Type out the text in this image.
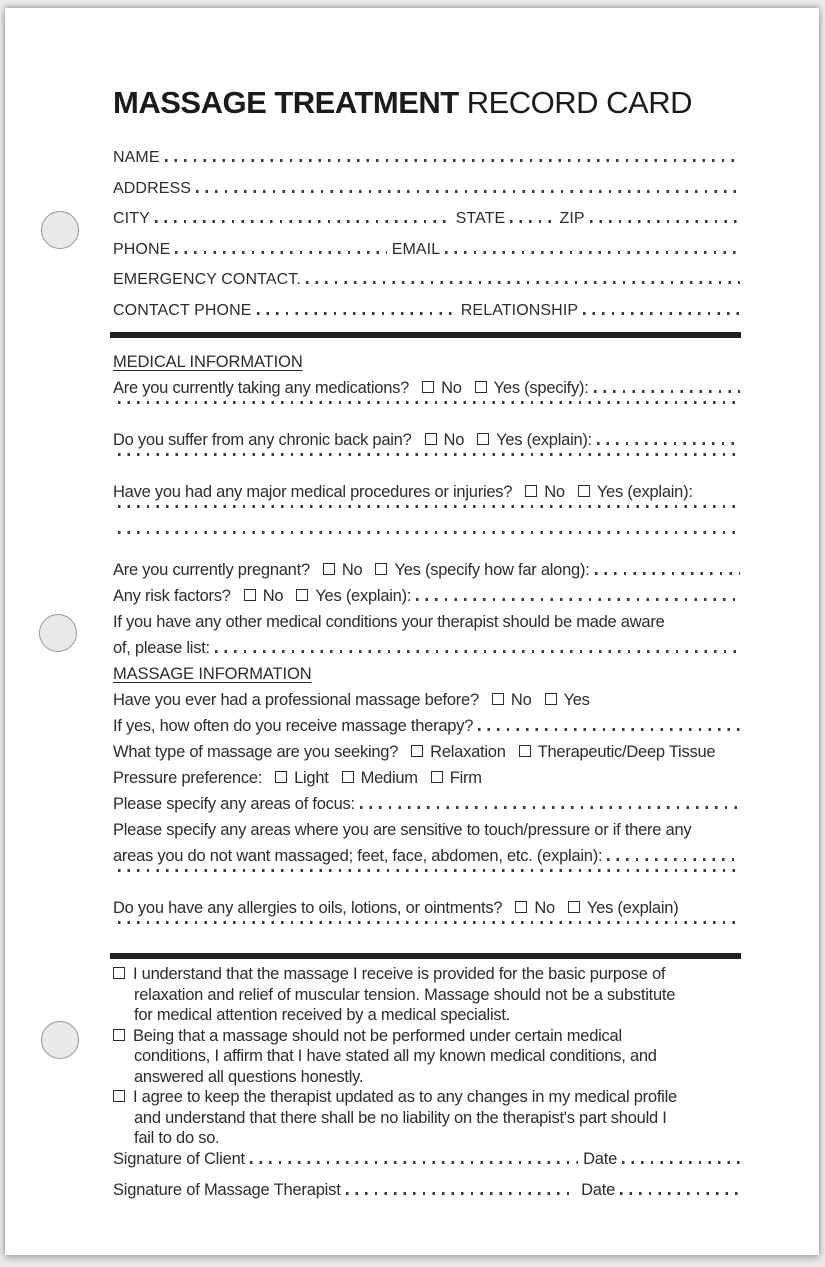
MASSAGE TREATMENT RECORD CARD
NAME
ADDRESS
CITY	STATE	ZIP
PHONE	EMAIL
EMERGENCY CONTACT.
CONTACT PHONE	RELATIONSHIP
MEDICAL INFORMATION
Are you currently taking any medications?	No	Yes (specify):
Do you suffer from any chronic back pain?	No	Yes (explain):
Have you had any major medical procedures or injuries?	No	Yes (explain):
Are you currently pregnant?	No	Yes (specify how far along):
Any risk factors?	No	Yes (explain):
If you have any other medical conditions your therapist should be made aware
of, please list:
MASSAGE INFORMATION
Have you ever had a professional massage before?	No	Yes
If yes, how often do you receive massage therapy?
What type of massage are you seeking?	Relaxation	Therapeutic/Deep Tissue
Pressure preference:	Light	Medium	Firm
Please specify any areas of focus:
Please specify any areas where you are sensitive to touch/pressure or if there any
areas you do not want massaged; feet, face, abdomen, etc. (explain):
Do you have any allergies to oils, lotions, or ointments?	No	Yes (explain)
I understand that the massage I receive is provided for the basic purpose of
relaxation and relief of muscular tension. Massage should not be a substitute
for medical attention received by a medical specialist.
Being that a massage should not be performed under certain medical
conditions, I affirm that I have stated all my known medical conditions, and
answered all questions honestly.
I agree to keep the therapist updated as to any changes in my medical profile
and understand that there shall be no liability on the therapist's part should I
fail to do so.
Signature of Client	Date
Signature of Massage Therapist	Date
